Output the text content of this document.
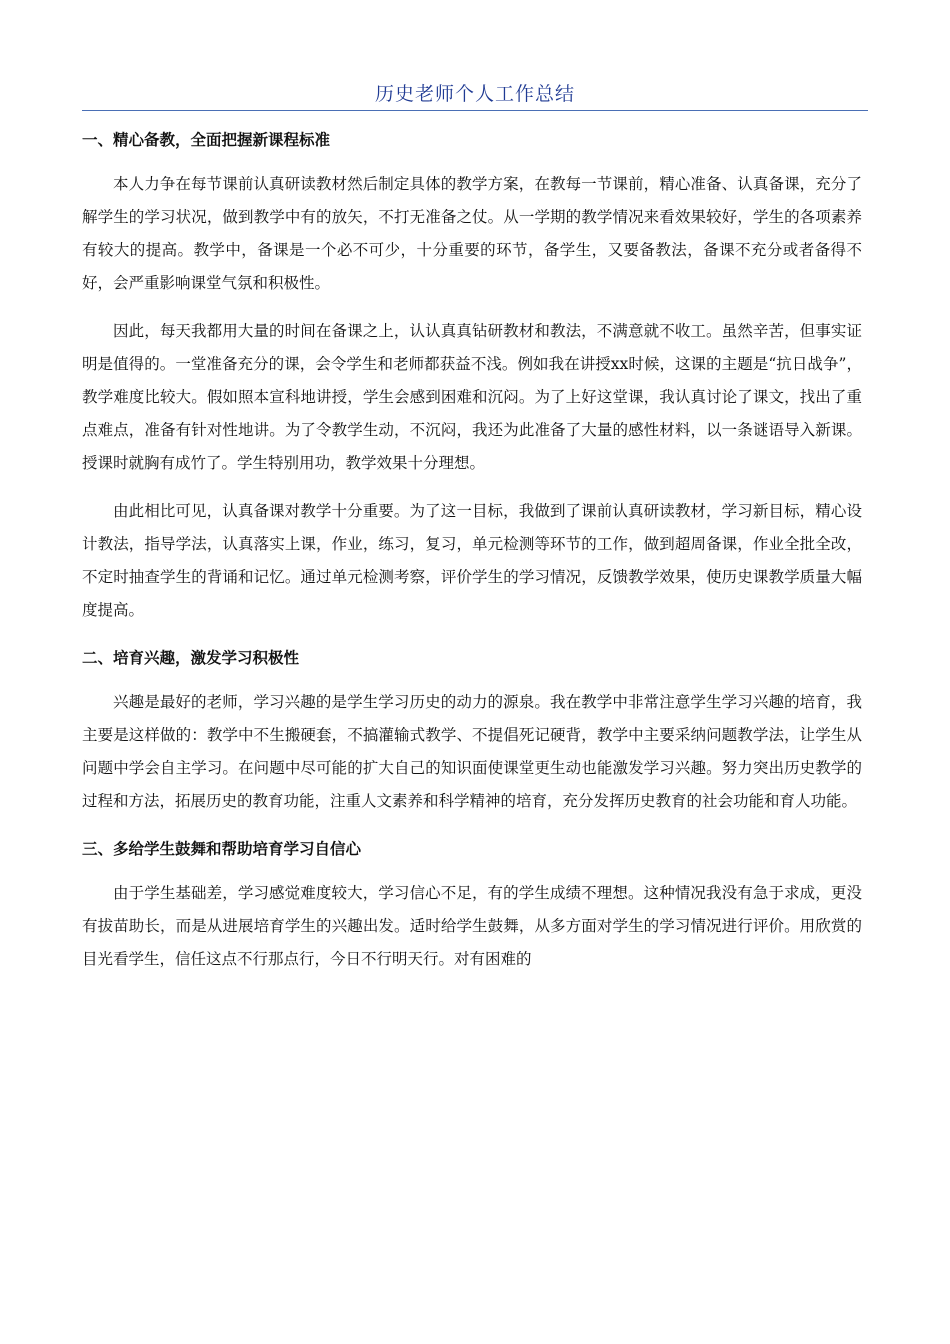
历史老师个人工作总结
一、精心备教，全面把握新课程标准

本人力争在每节课前认真研读教材然后制定具体的教学方案，在教每一节课前，精心准备、认真备课，充分了解学生的学习状况，做到教学中有的放矢，不打无准备之仗。从一学期的教学情况来看效果较好，学生的各项素养有较大的提高。教学中，备课是一个必不可少，十分重要的环节，备学生，又要备教法，备课不充分或者备得不好，会严重影响课堂气氛和积极性。

因此，每天我都用大量的时间在备课之上，认认真真钻研教材和教法，不满意就不收工。虽然辛苦，但事实证明是值得的。一堂准备充分的课，会令学生和老师都获益不浅。例如我在讲授xx时候，这课的主题是“抗日战争”，教学难度比较大。假如照本宣科地讲授，学生会感到困难和沉闷。为了上好这堂课，我认真讨论了课文，找出了重点难点，准备有针对性地讲。为了令教学生动，不沉闷，我还为此准备了大量的感性材料，以一条谜语导入新课。授课时就胸有成竹了。学生特别用功，教学效果十分理想。

由此相比可见，认真备课对教学十分重要。为了这一目标，我做到了课前认真研读教材，学习新目标，精心设计教法，指导学法，认真落实上课，作业，练习，复习，单元检测等环节的工作，做到超周备课，作业全批全改，不定时抽查学生的背诵和记忆。通过单元检测考察，评价学生的学习情况，反馈教学效果，使历史课教学质量大幅度提高。

二、培育兴趣，激发学习积极性

兴趣是最好的老师，学习兴趣的是学生学习历史的动力的源泉。我在教学中非常注意学生学习兴趣的培育，我主要是这样做的：教学中不生搬硬套，不搞灌输式教学、不提倡死记硬背，教学中主要采纳问题教学法，让学生从问题中学会自主学习。在问题中尽可能的扩大自己的知识面使课堂更生动也能激发学习兴趣。努力突出历史教学的过程和方法，拓展历史的教育功能，注重人文素养和科学精神的培育，充分发挥历史教育的社会功能和育人功能。

三、多给学生鼓舞和帮助培育学习自信心

由于学生基础差，学习感觉难度较大，学习信心不足，有的学生成绩不理想。这种情况我没有急于求成，更没有拔苗助长，而是从进展培育学生的兴趣出发。适时给学生鼓舞，从多方面对学生的学习情况进行评价。用欣赏的目光看学生，信任这点不行那点行，今日不行明天行。对有困难的
